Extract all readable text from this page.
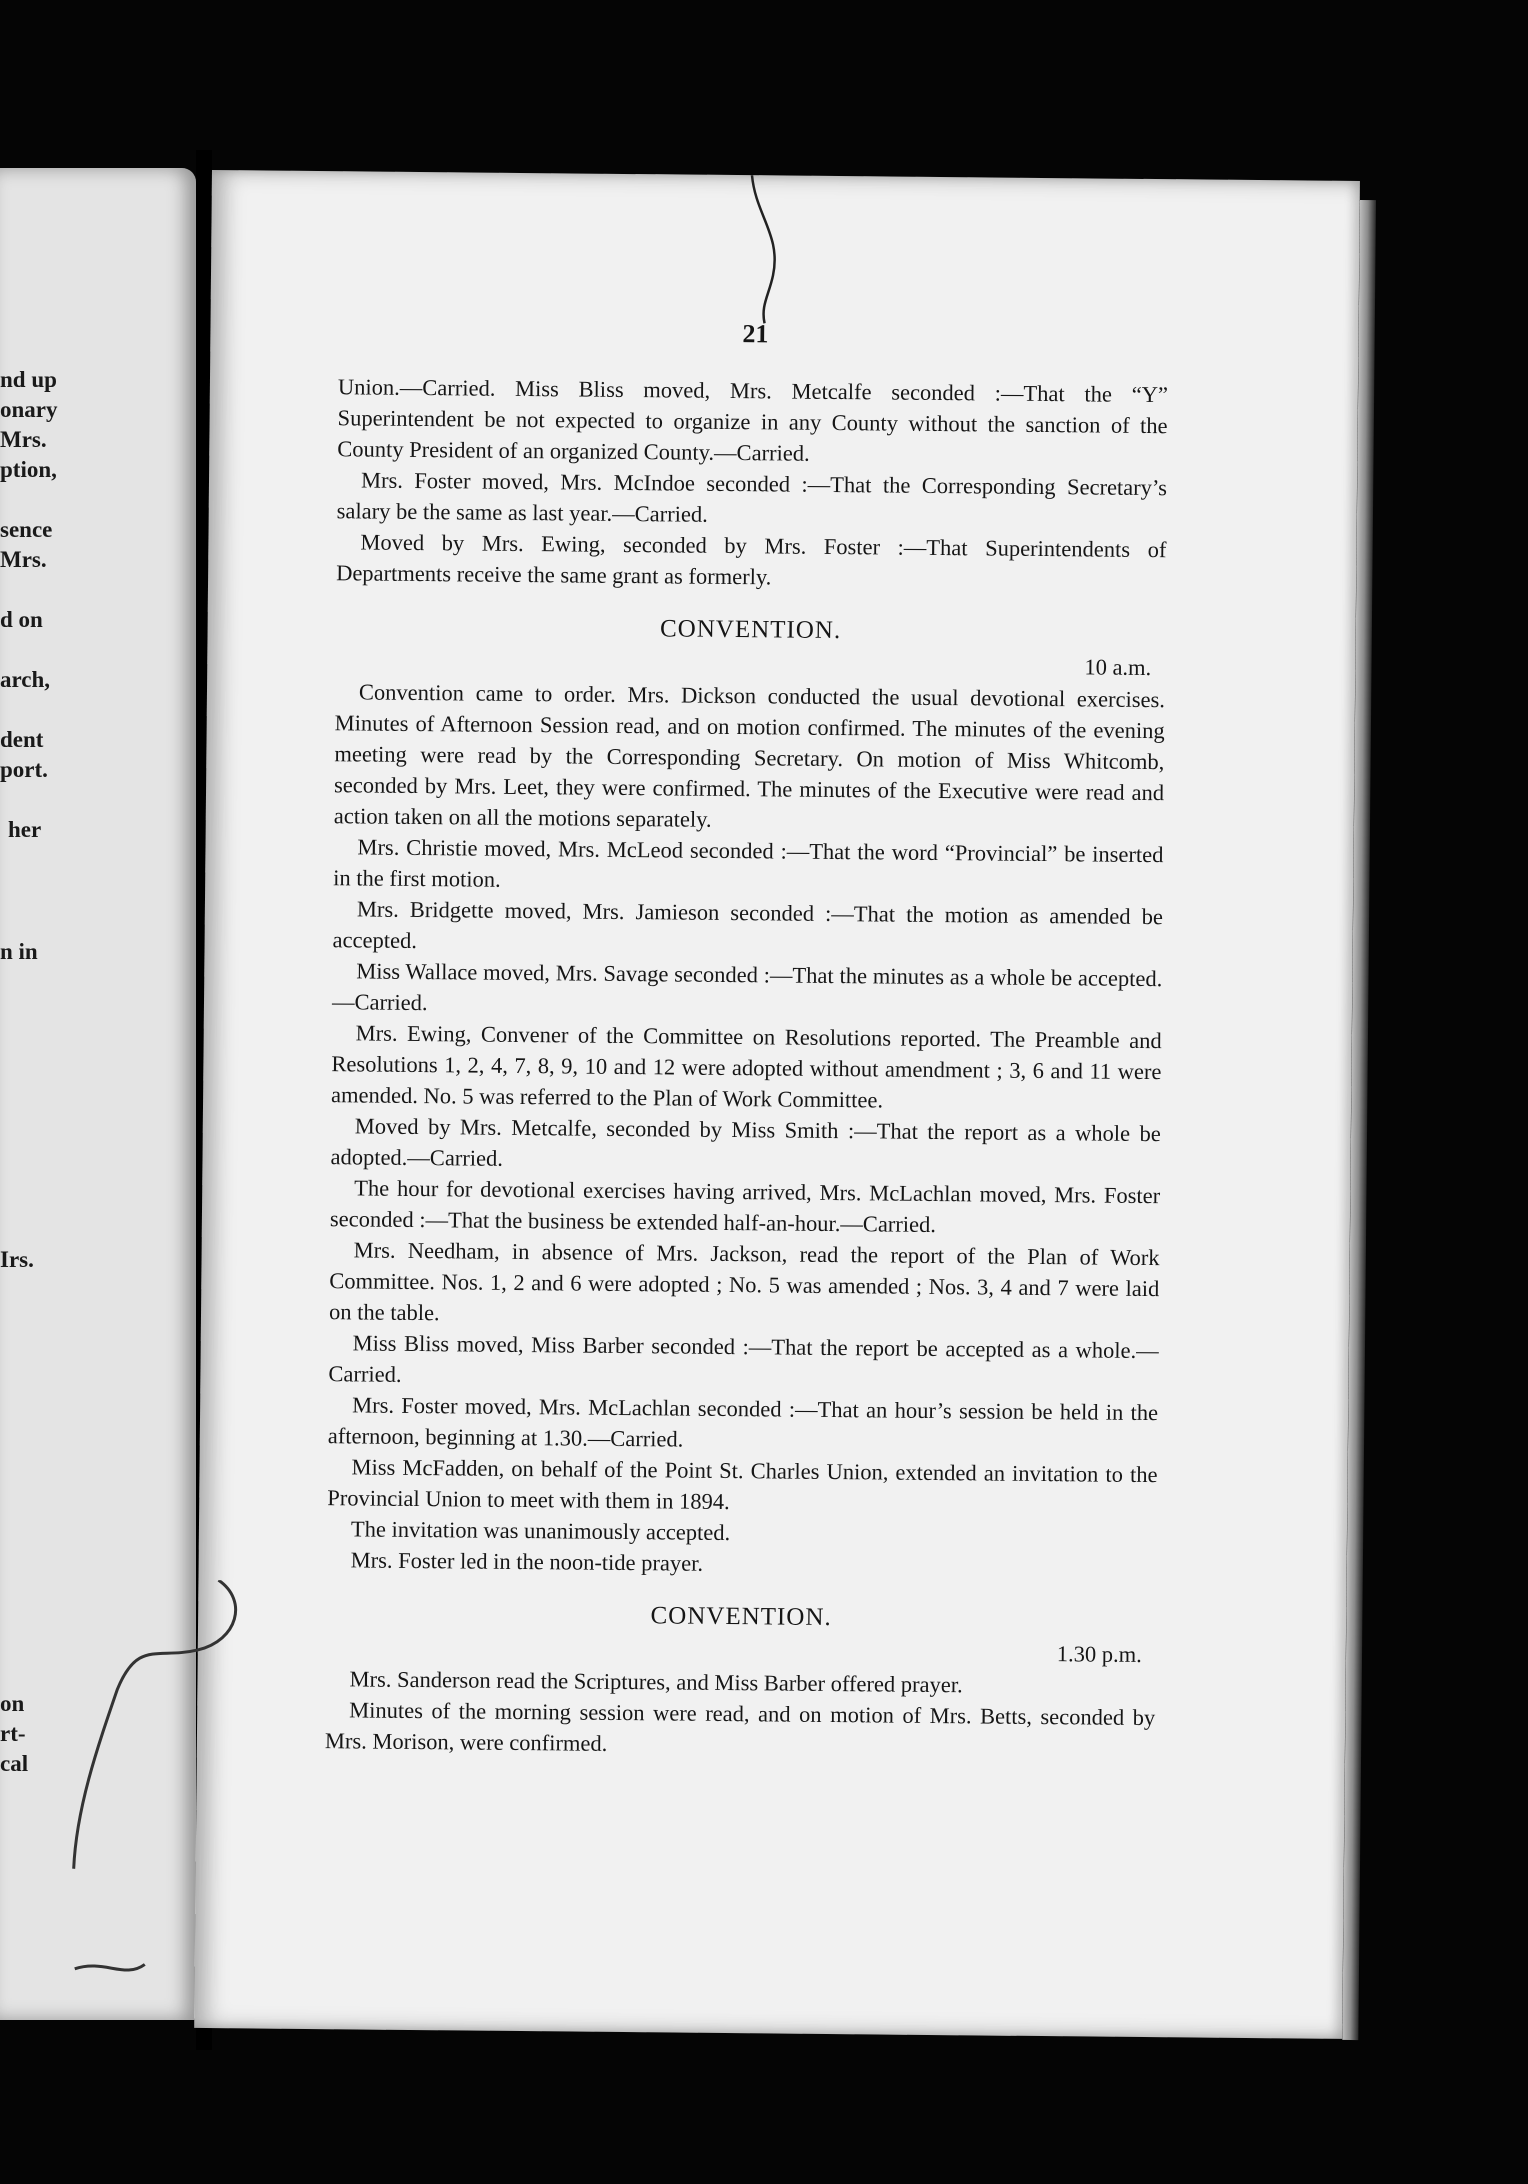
nd up
onary
Mrs.
ption,
sence
Mrs.
d on
arch,
dent
port.
her
n in
Irs.
on
rt-
cal
21

Union.—Carried. Miss Bliss moved, Mrs. Metcalfe seconded :—That the “Y” Superintendent be not expected to organize in any County without the sanction of the County President of an organized County.—Carried.

Mrs. Foster moved, Mrs. McIndoe seconded :—That the Corresponding Secretary’s salary be the same as last year.—Carried.

Moved by Mrs. Ewing, seconded by Mrs. Foster :—That Superintendents of Departments receive the same grant as formerly.

CONVENTION.
10 a.m.

Convention came to order. Mrs. Dickson conducted the usual devotional exercises. Minutes of Afternoon Session read, and on motion confirmed. The minutes of the evening meeting were read by the Corresponding Secretary. On motion of Miss Whitcomb, seconded by Mrs. Leet, they were confirmed. The minutes of the Executive were read and action taken on all the motions separately.

Mrs. Christie moved, Mrs. McLeod seconded :—That the word “Provincial” be inserted in the first motion.

Mrs. Bridgette moved, Mrs. Jamieson seconded :—That the motion as amended be accepted.

Miss Wallace moved, Mrs. Savage seconded :—That the minutes as a whole be accepted.—Carried.

Mrs. Ewing, Convener of the Committee on Resolutions reported. The Preamble and Resolutions 1, 2, 4, 7, 8, 9, 10 and 12 were adopted without amendment ; 3, 6 and 11 were amended. No. 5 was referred to the Plan of Work Committee.

Moved by Mrs. Metcalfe, seconded by Miss Smith :—That the report as a whole be adopted.—Carried.

The hour for devotional exercises having arrived, Mrs. McLachlan moved, Mrs. Foster seconded :—That the business be extended half-an-hour.—Carried.

Mrs. Needham, in absence of Mrs. Jackson, read the report of the Plan of Work Committee. Nos. 1, 2 and 6 were adopted ; No. 5 was amended ; Nos. 3, 4 and 7 were laid on the table.

Miss Bliss moved, Miss Barber seconded :—That the report be accepted as a whole.—Carried.

Mrs. Foster moved, Mrs. McLachlan seconded :—That an hour’s session be held in the afternoon, beginning at 1.30.—Carried.

Miss McFadden, on behalf of the Point St. Charles Union, extended an invitation to the Provincial Union to meet with them in 1894.

The invitation was unanimously accepted.

Mrs. Foster led in the noon-tide prayer.

CONVENTION.
1.30 p.m.

Mrs. Sanderson read the Scriptures, and Miss Barber offered prayer.

Minutes of the morning session were read, and on motion of Mrs. Betts, seconded by Mrs. Morison, were confirmed.
